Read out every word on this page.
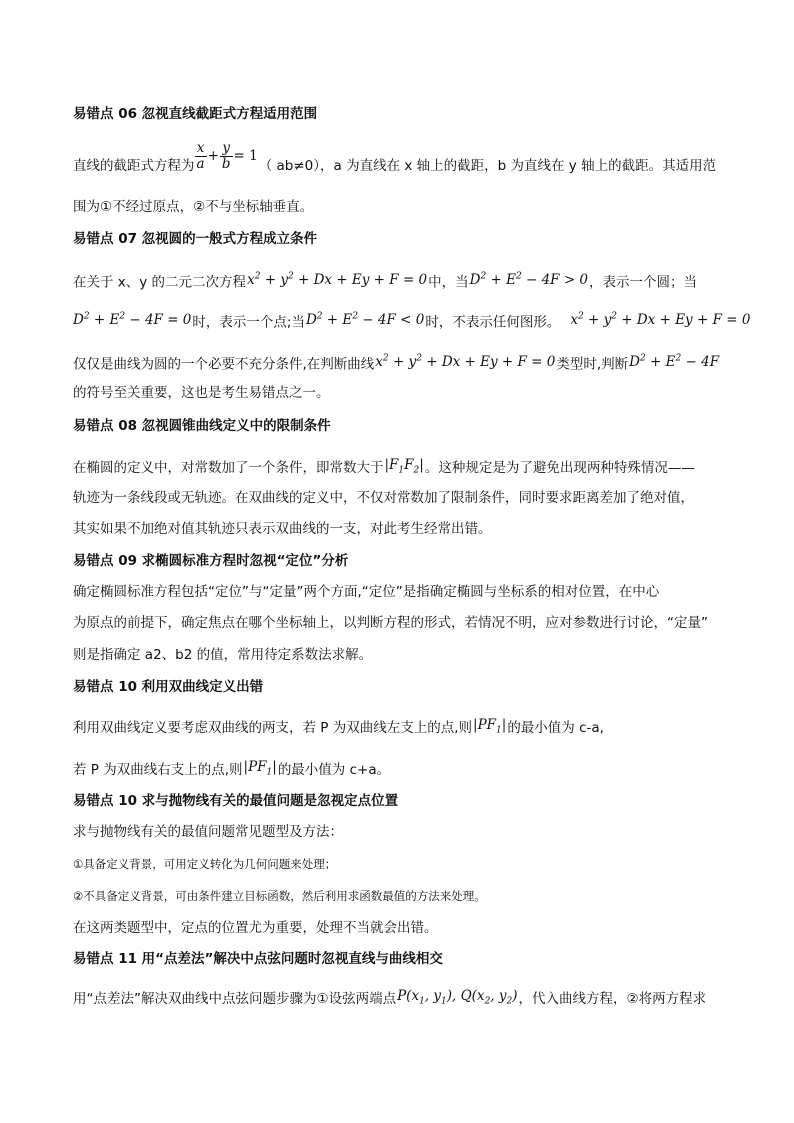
易错点 06 忽视直线截距式方程适用范围
直线的截距式方程为 $\frac{x}{a} + \frac{y}{b} = 1$（ ab≠0），a 为直线在 x 轴上的截距，b 为直线在 y 轴上的截距。其适用范
围为①不经过原点，②不与坐标轴垂直。
易错点 07 忽视圆的一般式方程成立条件
在关于 x、y 的二元二次方程$x^2 + y^2 + Dx + Ey + F = 0$中，当$D^2 + E^2 - 4F > 0$，表示一个圆；当
$D^2 + E^2 - 4F = 0$时，表示一个点;当$D^2 + E^2 - 4F < 0$时，不表示任何图形。 $x^2 + y^2 + Dx + Ey + F = 0$
仅仅是曲线为圆的一个必要不充分条件,在判断曲线$x^2 + y^2 + Dx + Ey + F = 0$类型时,判断$D^2 + E^2 - 4F$
的符号至关重要，这也是考生易错点之一。
易错点 08 忽视圆锥曲线定义中的限制条件
在椭圆的定义中，对常数加了一个条件，即常数大于$|F_1F_2|$。这种规定是为了避免出现两种特殊情况——
轨迹为一条线段或无轨迹。在双曲线的定义中，不仅对常数加了限制条件，同时要求距离差加了绝对值，
其实如果不加绝对值其轨迹只表示双曲线的一支，对此考生经常出错。
易错点 09 求椭圆标准方程时忽视“定位”分析
确定椭圆标准方程包括“定位”与“定量”两个方面,“定位”是指确定椭圆与坐标系的相对位置，在中心
为原点的前提下，确定焦点在哪个坐标轴上，以判断方程的形式，若情况不明，应对参数进行讨论，“定量”
则是指确定 a2、b2 的值，常用待定系数法求解。
易错点 10 利用双曲线定义出错
利用双曲线定义要考虑双曲线的两支，若 P 为双曲线左支上的点,则$|PF_1|$的最小值为 c-a,
若 P 为双曲线右支上的点,则$|PF_1|$的最小值为 c+a。
易错点 10 求与抛物线有关的最值问题是忽视定点位置
求与抛物线有关的最值问题常见题型及方法：
①具备定义背景，可用定义转化为几何问题来处理；
②不具备定义背景，可由条件建立目标函数，然后利用求函数最值的方法来处理。
在这两类题型中，定点的位置尤为重要，处理不当就会出错。
易错点 11 用“点差法”解决中点弦问题时忽视直线与曲线相交
用“点差法”解决双曲线中点弦问题步骤为①设弦两端点$P(x_1$, $y_1$), $Q(x_2$, $y_2$)，代入曲线方程，②将两方程求
